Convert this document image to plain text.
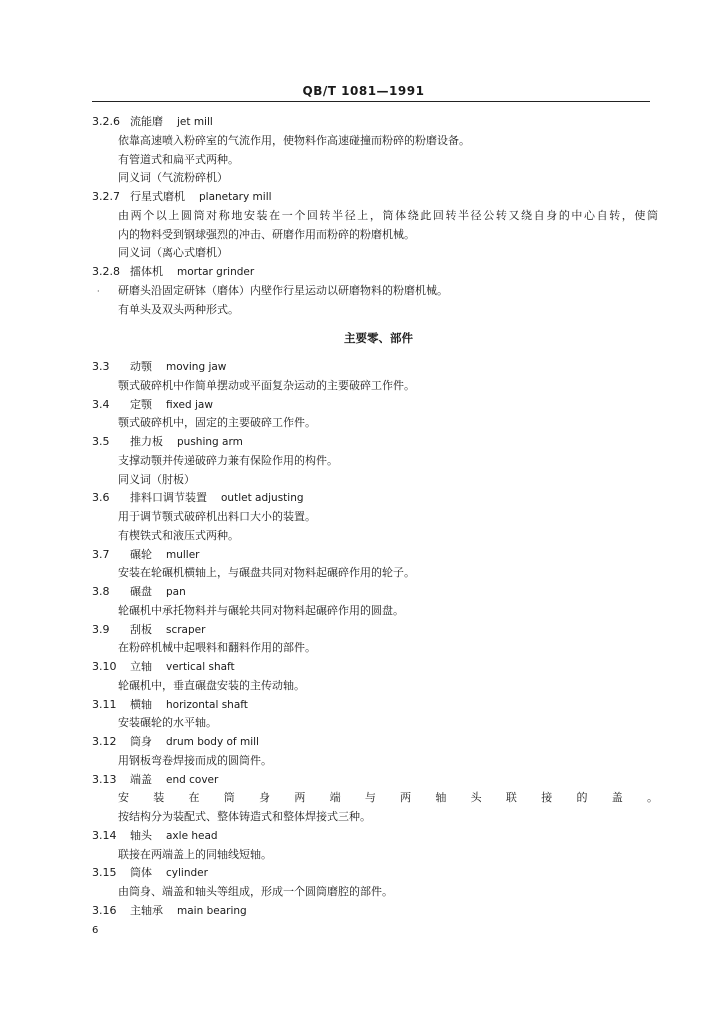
QB/T 1081—1991
3.2.6 流能磨 jet mill
依靠高速喷入粉碎室的气流作用，使物料作高速碰撞而粉碎的粉磨设备。
有管道式和扁平式两种。
同义词（气流粉碎机）
3.2.7 行星式磨机 planetary mill
由两个以上圆筒对称地安装在一个回转半径上，筒体绕此回转半径公转又绕自身的中心自转，使筒
内的物料受到钢球强烈的冲击、研磨作用而粉碎的粉磨机械。
同义词（离心式磨机）
3.2.8 擂体机 mortar grinder
研磨头沿固定研钵（磨体）内壁作行星运动以研磨物料的粉磨机械。
·
有单头及双头两种形式。
主要零、部件
3.3 动颚 moving jaw
颚式破碎机中作简单摆动或平面复杂运动的主要破碎工作件。
3.4 定颚 fixed jaw
颚式破碎机中，固定的主要破碎工作件。
3.5 推力板 pushing arm
支撑动颚并传递破碎力兼有保险作用的构件。
同义词（肘板）
3.6 排料口调节装置 outlet adjusting
用于调节颚式破碎机出料口大小的装置。
有楔铁式和液压式两种。
3.7 碾轮 muller
安装在轮碾机横轴上，与碾盘共同对物料起碾碎作用的轮子。
3.8 碾盘 pan
轮碾机中承托物料并与碾轮共同对物料起碾碎作用的圆盘。
3.9 刮板 scraper
在粉碎机械中起喂料和翻料作用的部件。
3.10 立轴 vertical shaft
轮碾机中，垂直碾盘安装的主传动轴。
3.11 横轴 horizontal shaft
安装碾轮的水平轴。
3.12 筒身 drum body of mill
用钢板弯卷焊接而成的圆筒件。
3.13 端盖 end cover
安装在筒身两端与两轴头联接的盖。
按结构分为装配式、整体铸造式和整体焊接式三种。
3.14 轴头 axle head
联接在两端盖上的同轴线短轴。
3.15 筒体 cylinder
由筒身、端盖和轴头等组成，形成一个圆筒磨腔的部件。
3.16 主轴承 main bearing
6
